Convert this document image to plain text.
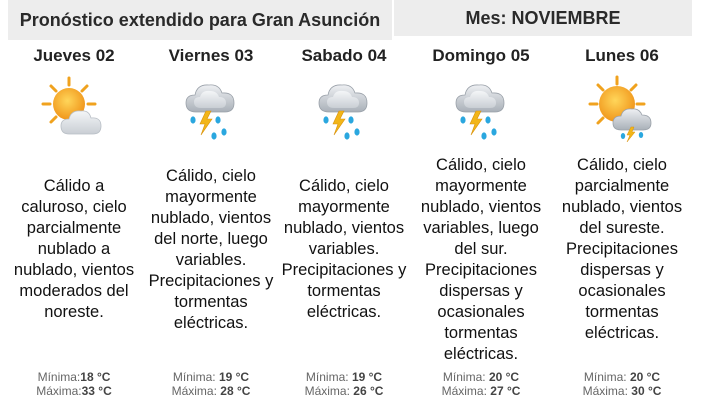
Pronóstico extendido para Gran Asunción	Mes: NOVIEMBRE
Jueves 02
Cálido a caluroso, cielo parcialmente nublado a nublado, vientos moderados del noreste.
Mínima:18 °C
Máxima:33 °C
Viernes 03
Cálido, cielo mayormente nublado, vientos del norte, luego variables. Precipitaciones y tormentas eléctricas.
Mínima: 19 °C
Máxima: 28 °C
Sabado 04
Cálido, cielo mayormente nublado, vientos variables. Precipitaciones y tormentas eléctricas.
Mínima: 19 °C
Máxima: 26 °C
Domingo 05
Cálido, cielo mayormente nublado, vientos variables, luego del sur. Precipitaciones dispersas y ocasionales tormentas eléctricas.
Mínima: 20 °C
Máxima: 27 °C
Lunes 06
Cálido, cielo parcialmente nublado, vientos del sureste. Precipitaciones dispersas y ocasionales tormentas eléctricas.
Mínima: 20 °C
Máxima: 30 °C
